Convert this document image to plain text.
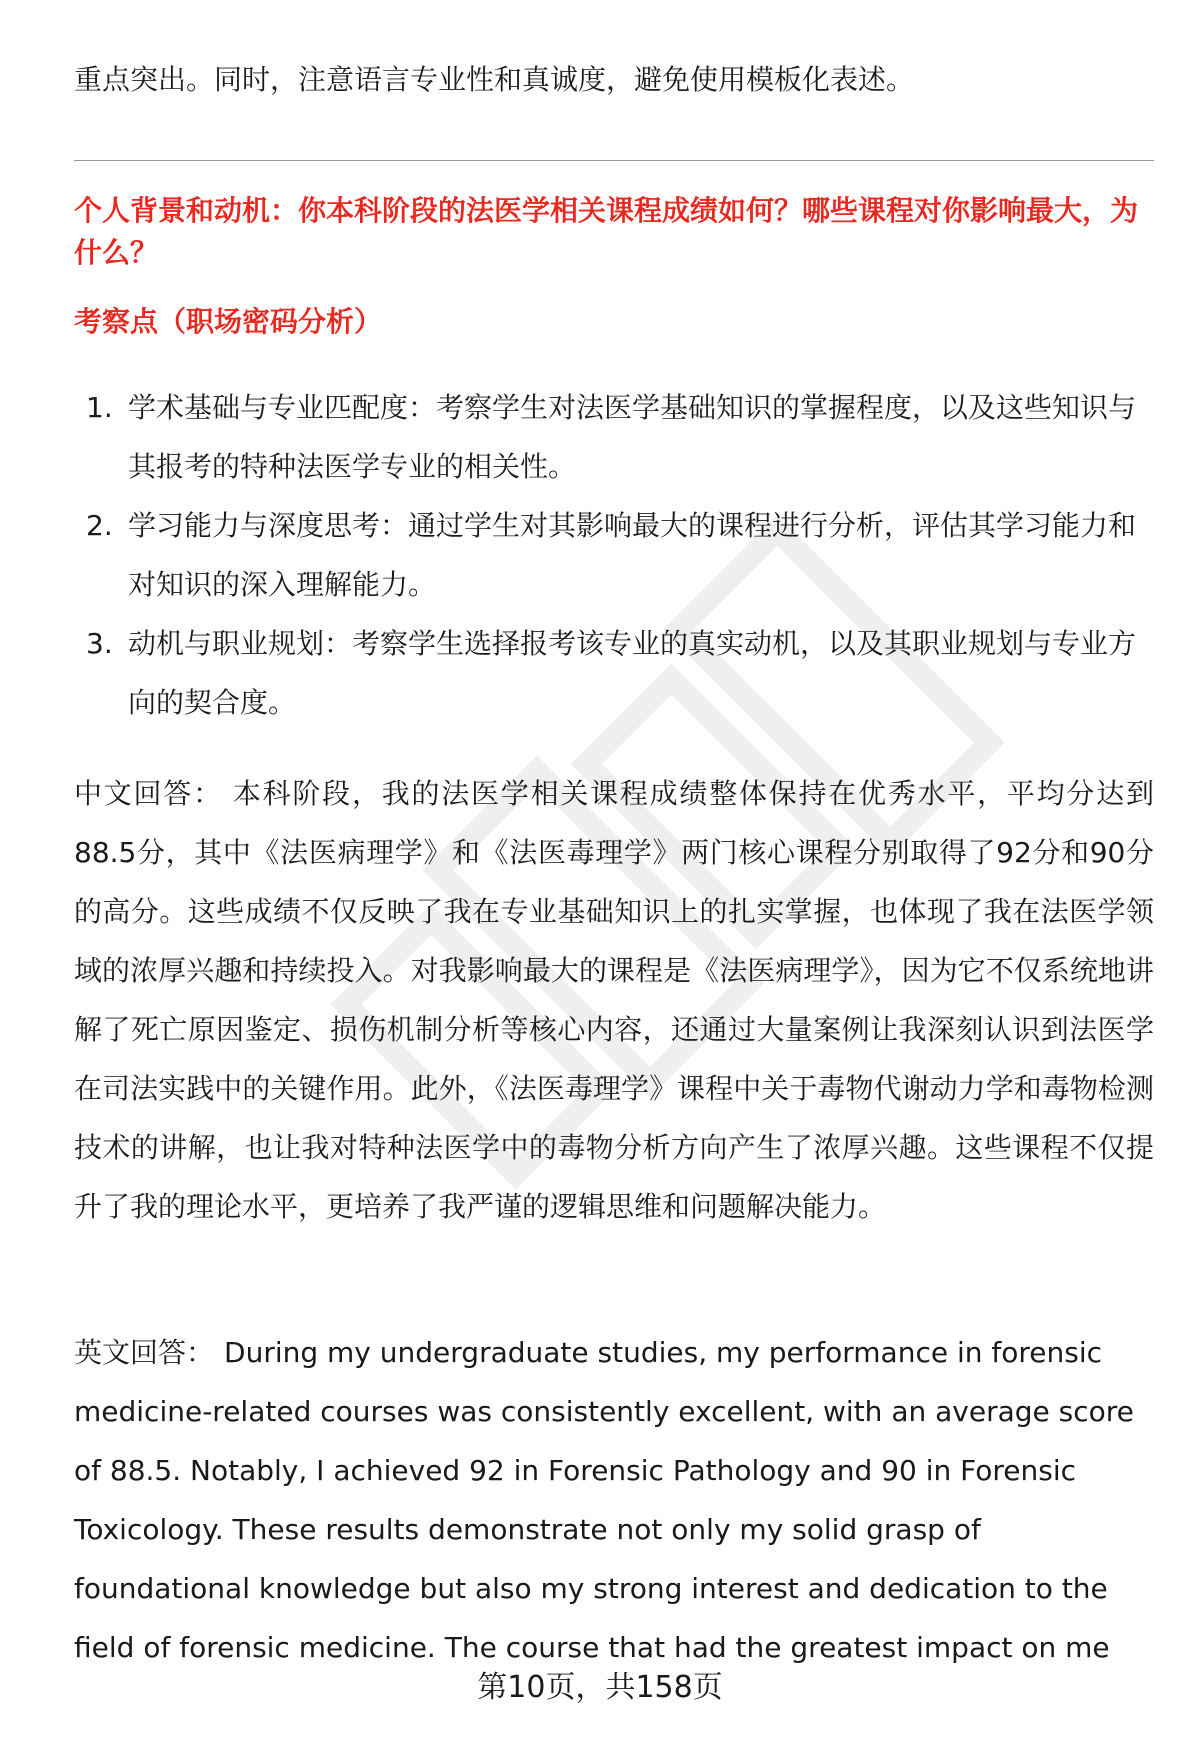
重点突出。同时，注意语言专业性和真诚度，避免使用模板化表述。
个人背景和动机：你本科阶段的法医学相关课程成绩如何？哪些课程对你影响最大，为什么？
考察点（职场密码分析）
1. 学术基础与专业匹配度：考察学生对法医学基础知识的掌握程度，以及这些知识与其报考的特种法医学专业的相关性。
2. 学习能力与深度思考：通过学生对其影响最大的课程进行分析，评估其学习能力和对知识的深入理解能力。
3. 动机与职业规划：考察学生选择报考该专业的真实动机，以及其职业规划与专业方向的契合度。
中文回答： 本科阶段，我的法医学相关课程成绩整体保持在优秀水平，平均分达到88.5分，其中《法医病理学》和《法医毒理学》两门核心课程分别取得了92分和90分的高分。这些成绩不仅反映了我在专业基础知识上的扎实掌握，也体现了我在法医学领域的浓厚兴趣和持续投入。对我影响最大的课程是《法医病理学》，因为它不仅系统地讲解了死亡原因鉴定、损伤机制分析等核心内容，还通过大量案例让我深刻认识到法医学在司法实践中的关键作用。此外，《法医毒理学》课程中关于毒物代谢动力学和毒物检测技术的讲解，也让我对特种法医学中的毒物分析方向产生了浓厚兴趣。这些课程不仅提升了我的理论水平，更培养了我严谨的逻辑思维和问题解决能力。
英文回答： During my undergraduate studies, my performance in forensic medicine-related courses was consistently excellent, with an average score of 88.5. Notably, I achieved 92 in Forensic Pathology and 90 in Forensic Toxicology. These results demonstrate not only my solid grasp of foundational knowledge but also my strong interest and dedication to the field of forensic medicine. The course that had the greatest impact on me
第10页，共158页
